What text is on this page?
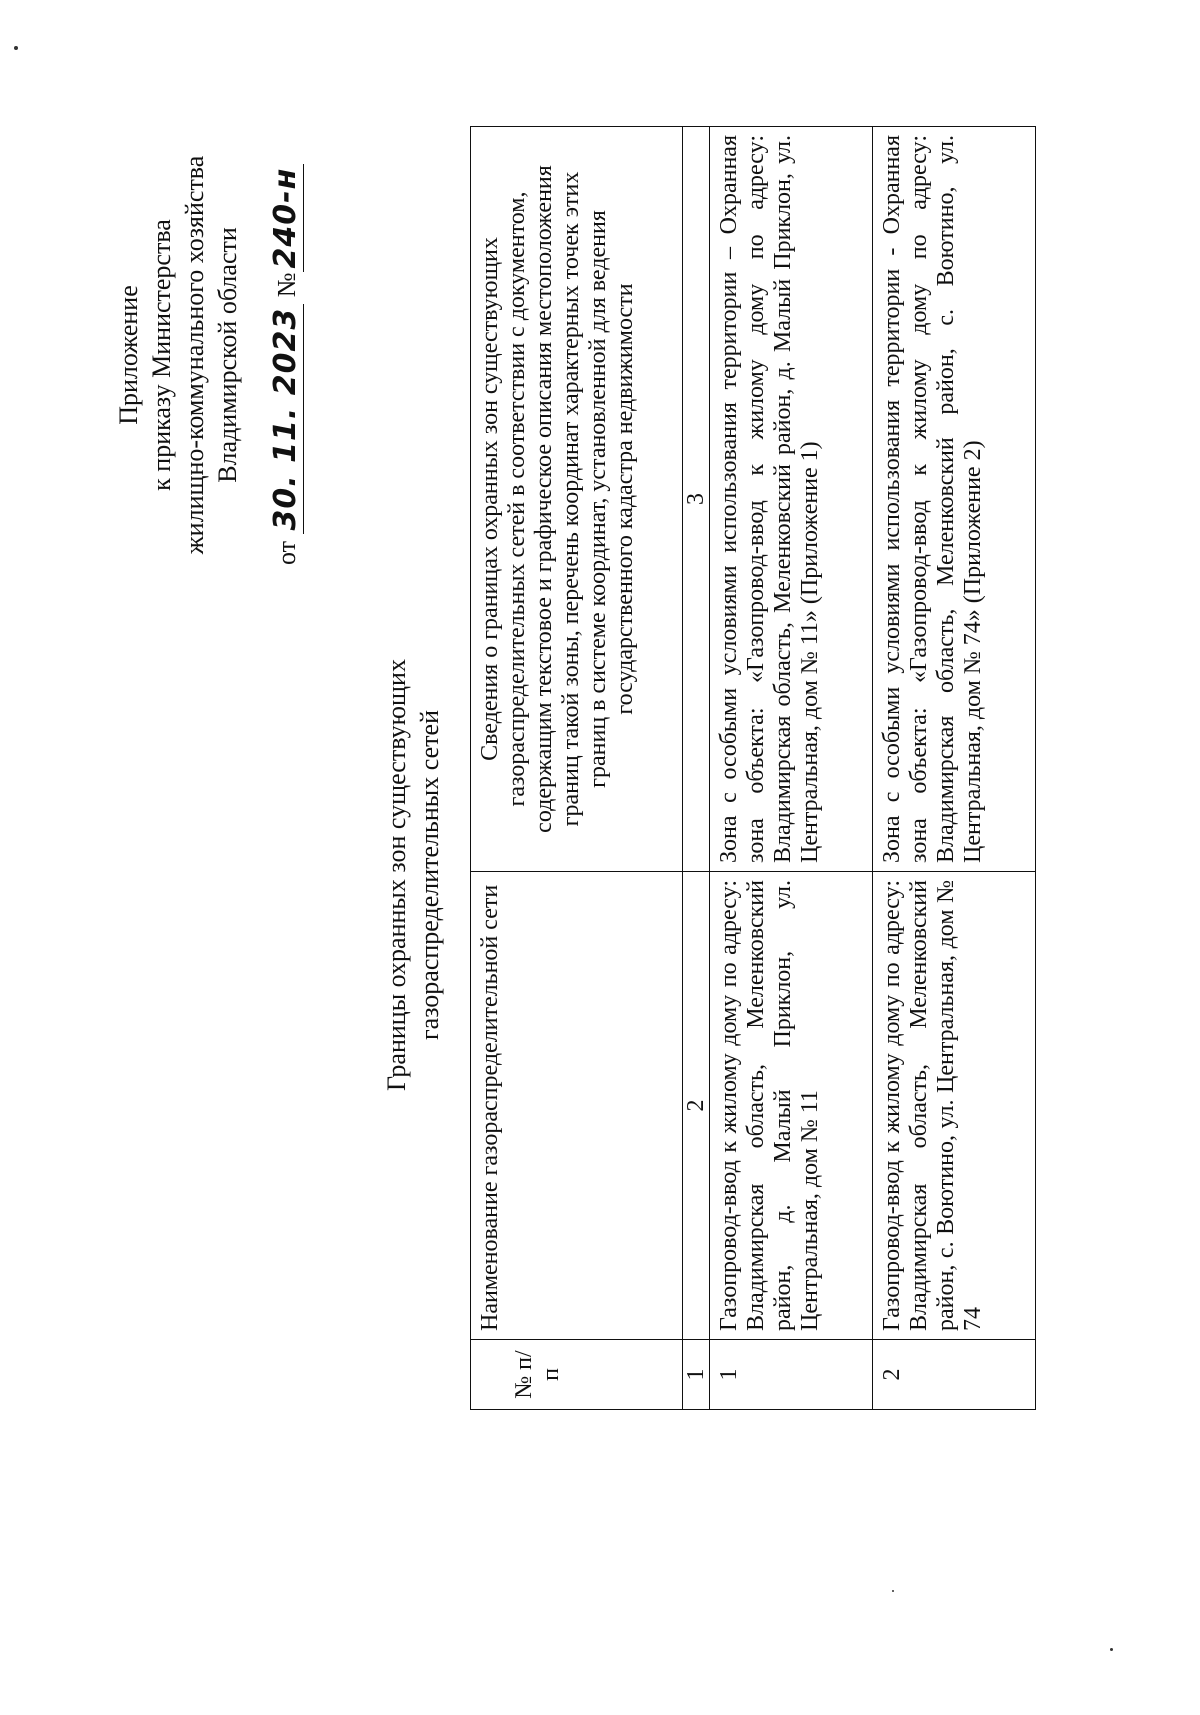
Приложение к приказу Министерства жилищно-коммунального хозяйства Владимирской области
от 30. 11. 2023 №240-н
Границы охранных зон существующих газораспределительных сетей
№ п/п	Наименование газораспределительной сети	Сведения о границах охранных зон существующих газораспределительных сетей в соответствии с документом, содержащим текстовое и графическое описания местоположения границ такой зоны, перечень координат характерных точек этих границ в системе координат, установленной для ведения государственного кадастра недвижимости
1	2	3
1	Газопровод-ввод к жилому дому по адресу: Владимирская область, Меленковский район, д. Малый Приклон, ул. Центральная, дом № 11	Зона с особыми условиями использования территории – Охранная зона объекта: «Газопровод-ввод к жилому дому по адресу: Владимирская область, Меленковский район, д. Малый Приклон, ул. Центральная, дом № 11» (Приложение 1)
2	Газопровод-ввод к жилому дому по адресу: Владимирская область, Меленковский район, с. Воютино, ул. Центральная, дом № 74	Зона с особыми условиями использования территории - Охранная зона объекта: «Газопровод-ввод к жилому дому по адресу: Владимирская область, Меленковский район, с. Воютино, ул. Центральная, дом № 74» (Приложение 2)
